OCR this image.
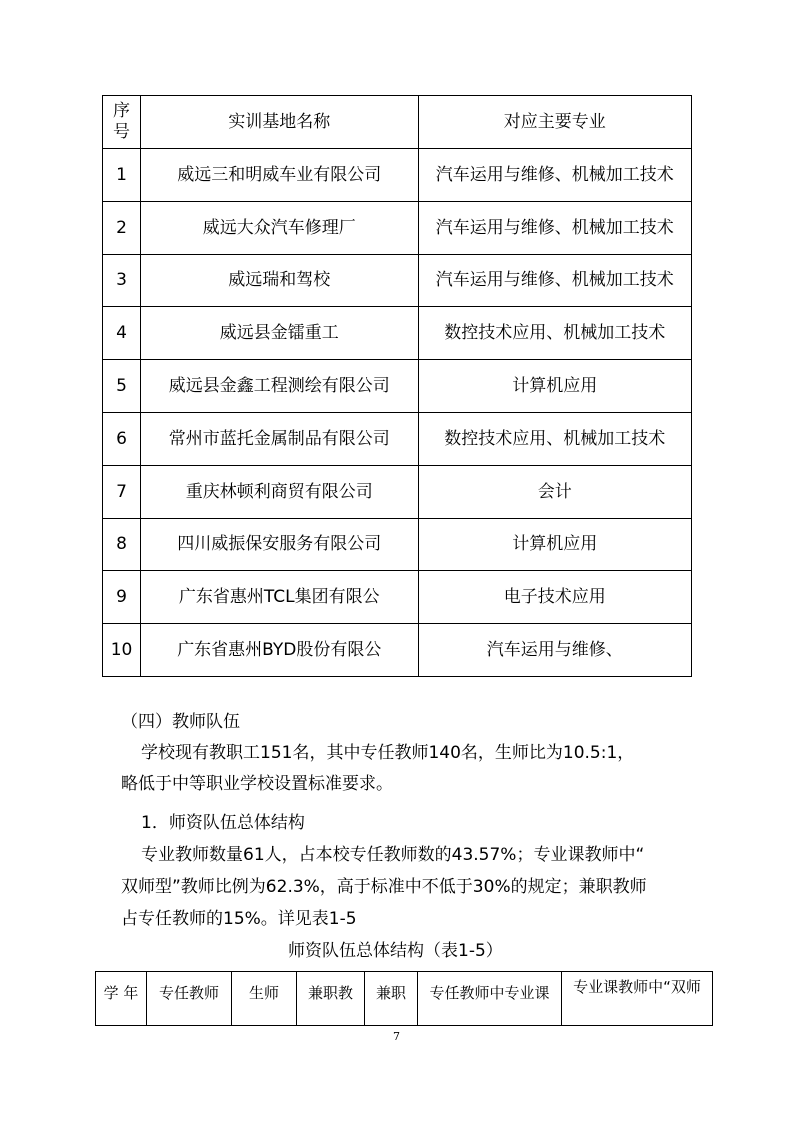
序号	实训基地名称	对应主要专业
1	威远三和明威车业有限公司	汽车运用与维修、机械加工技术
2	威远大众汽车修理厂	汽车运用与维修、机械加工技术
3	威远瑞和驾校	汽车运用与维修、机械加工技术
4	威远县金镭重工	数控技术应用、机械加工技术
5	威远县金鑫工程测绘有限公司	计算机应用
6	常州市蓝托金属制品有限公司	数控技术应用、机械加工技术
7	重庆林顿利商贸有限公司	会计
8	四川威振保安服务有限公司	计算机应用
9	广东省惠州TCL集团有限公	电子技术应用
10	广东省惠州BYD股份有限公	汽车运用与维修、
（四）教师队伍
学校现有教职工151名，其中专任教师140名，生师比为10.5:1，
略低于中等职业学校设置标准要求。
1．师资队伍总体结构
专业教师数量61人，占本校专任教师数的43.57%；专业课教师中“
双师型”教师比例为62.3%，高于标准中不低于30%的规定；兼职教师
占专任教师的15%。详见表1-5
师资队伍总体结构（表1-5）
学 年	专任教师	生师	兼职教	兼职	专任教师中专业课	专业课教师中“双师
7
